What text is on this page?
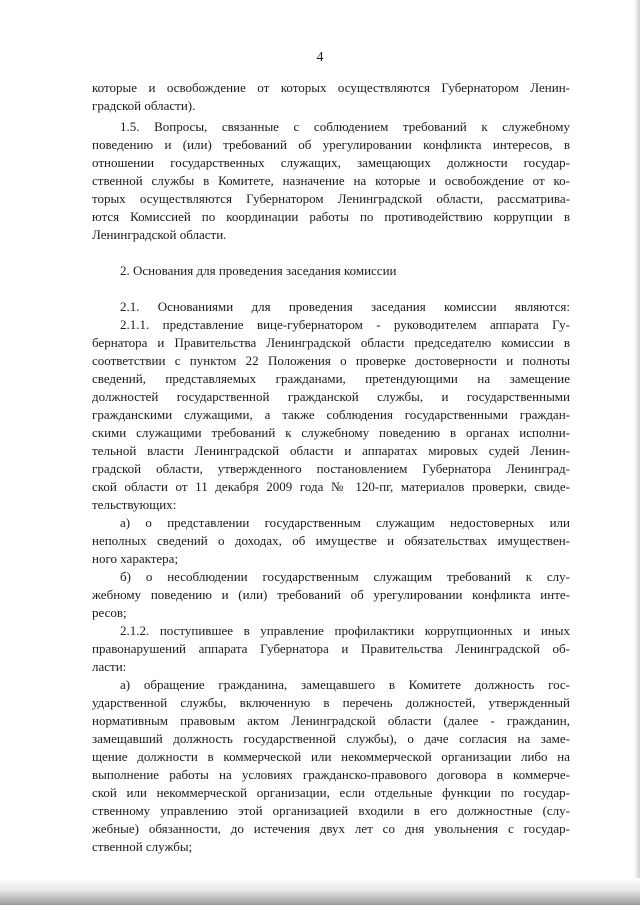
4
которые и освобождение от которых осуществляются Губернатором Ленин-
градской области).
1.5. Вопросы, связанные с соблюдением требований к служебному
поведению и (или) требований об урегулировании конфликта интересов, в
отношении государственных служащих, замещающих должности государ-
ственной службы в Комитете, назначение на которые и освобождение от ко-
торых осуществляются Губернатором Ленинградской области, рассматрива-
ются Комиссией по координации работы по противодействию коррупции в
Ленинградской области.
2. Основания для проведения заседания комиссии
2.1. Основаниями для проведения заседания комиссии являются:
2.1.1. представление вице-губернатором - руководителем аппарата Гу-
бернатора и Правительства Ленинградской области председателю комиссии в
соответствии с пунктом 22 Положения о проверке достоверности и полноты
сведений, представляемых гражданами, претендующими на замещение
должностей государственной гражданской службы, и государственными
гражданскими служащими, а также соблюдения государственными граждан-
скими служащими требований к служебному поведению в органах исполни-
тельной власти Ленинградской области и аппаратах мировых судей Ленин-
градской области, утвержденного постановлением Губернатора Ленинград-
ской области от 11 декабря 2009 года № 120-пг, материалов проверки, свиде-
тельствующих:
а) о представлении государственным служащим недостоверных или
неполных сведений о доходах, об имуществе и обязательствах имуществен-
ного характера;
б) о несоблюдении государственным служащим требований к слу-
жебному поведению и (или) требований об урегулировании конфликта инте-
ресов;
2.1.2. поступившее в управление профилактики коррупционных и иных
правонарушений аппарата Губернатора и Правительства Ленинградской об-
ласти:
а) обращение гражданина, замещавшего в Комитете должность гос-
ударственной службы, включенную в перечень должностей, утвержденный
нормативным правовым актом Ленинградской области (далее - гражданин,
замещавший должность государственной службы), о даче согласия на заме-
щение должности в коммерческой или некоммерческой организации либо на
выполнение работы на условиях гражданско-правового договора в коммерче-
ской или некоммерческой организации, если отдельные функции по государ-
ственному управлению этой организацией входили в его должностные (слу-
жебные) обязанности, до истечения двух лет со дня увольнения с государ-
ственной службы;
